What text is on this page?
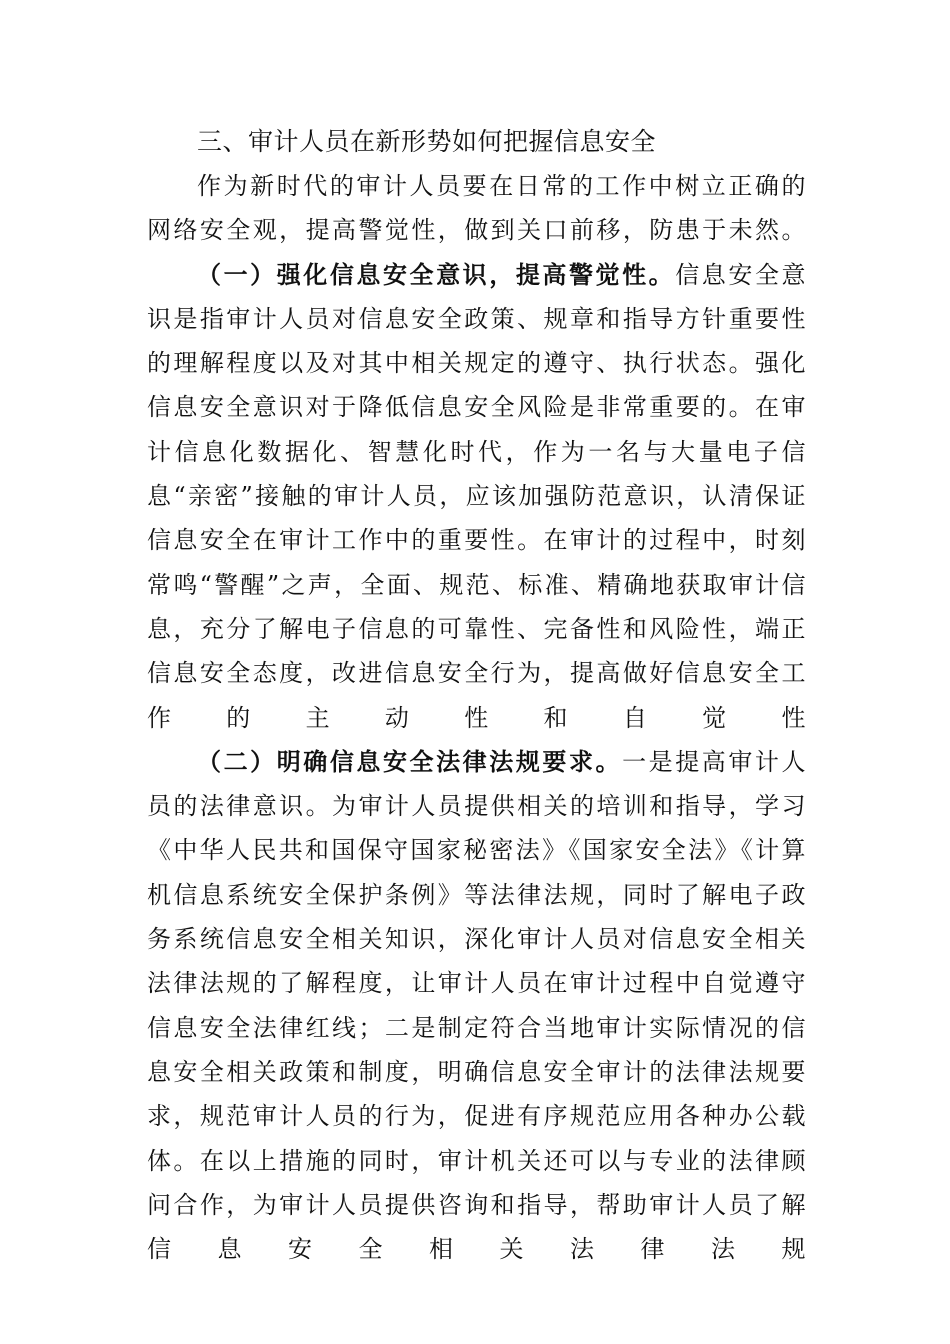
三、审计人员在新形势如何把握信息安全

作为新时代的审计人员要在日常的工作中树立正确的网络安全观，提高警觉性，做到关口前移，防患于未然。

（一）强化信息安全意识，提高警觉性。信息安全意识是指审计人员对信息安全政策、规章和指导方针重要性的理解程度以及对其中相关规定的遵守、执行状态。强化信息安全意识对于降低信息安全风险是非常重要的。在审计信息化数据化、智慧化时代，作为一名与大量电子信息“亲密”接触的审计人员，应该加强防范意识，认清保证信息安全在审计工作中的重要性。在审计的过程中，时刻常鸣“警醒”之声，全面、规范、标准、精确地获取审计信息，充分了解电子信息的可靠性、完备性和风险性，端正信息安全态度，改进信息安全行为，提高做好信息安全工作的主动性和自觉性

（二）明确信息安全法律法规要求。一是提高审计人员的法律意识。为审计人员提供相关的培训和指导，学习《中华人民共和国保守国家秘密法》《国家安全法》《计算机信息系统安全保护条例》等法律法规，同时了解电子政务系统信息安全相关知识，深化审计人员对信息安全相关法律法规的了解程度，让审计人员在审计过程中自觉遵守信息安全法律红线；二是制定符合当地审计实际情况的信息安全相关政策和制度，明确信息安全审计的法律法规要求，规范审计人员的行为，促进有序规范应用各种办公载体。在以上措施的同时，审计机关还可以与专业的法律顾问合作，为审计人员提供咨询和指导，帮助审计人员了解信息安全相关法律法规
